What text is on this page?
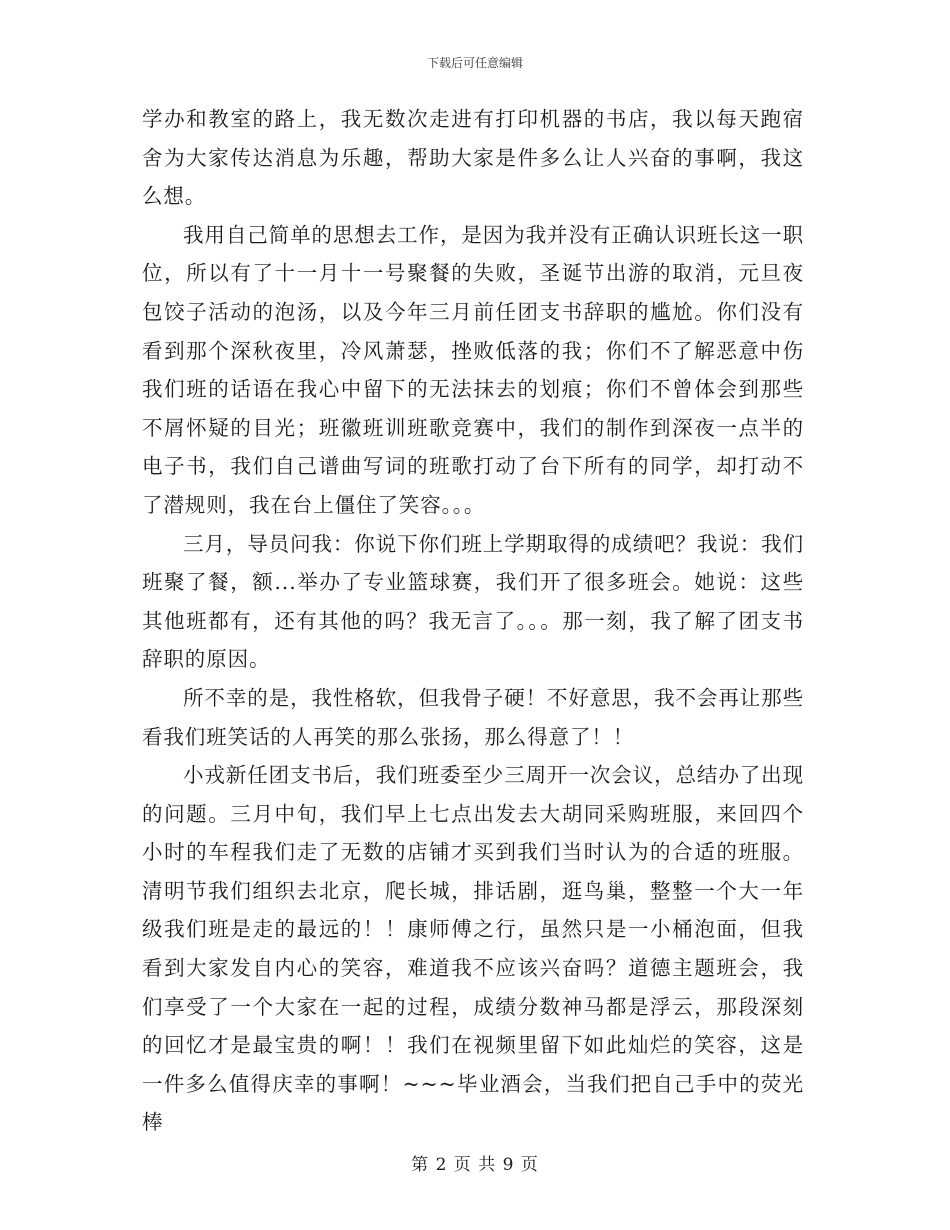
下载后可任意编辑

学办和教室的路上，我无数次走进有打印机器的书店，我以每天跑宿舍为大家传达消息为乐趣，帮助大家是件多么让人兴奋的事啊，我这么想。

我用自己简单的思想去工作，是因为我并没有正确认识班长这一职位，所以有了十一月十一号聚餐的失败，圣诞节出游的取消，元旦夜包饺子活动的泡汤，以及今年三月前任团支书辞职的尴尬。你们没有看到那个深秋夜里，冷风萧瑟，挫败低落的我；你们不了解恶意中伤我们班的话语在我心中留下的无法抹去的划痕；你们不曾体会到那些不屑怀疑的目光；班徽班训班歌竞赛中，我们的制作到深夜一点半的电子书，我们自己谱曲写词的班歌打动了台下所有的同学，却打动不了潜规则，我在台上僵住了笑容。。。

三月，导员问我：你说下你们班上学期取得的成绩吧？我说：我们班聚了餐，额...举办了专业篮球赛，我们开了很多班会。她说：这些其他班都有，还有其他的吗？我无言了。。。那一刻，我了解了团支书辞职的原因。

所不幸的是，我性格软，但我骨子硬！不好意思，我不会再让那些看我们班笑话的人再笑的那么张扬，那么得意了！！

小戎新任团支书后，我们班委至少三周开一次会议，总结办了出现的问题。三月中旬，我们早上七点出发去大胡同采购班服，来回四个小时的车程我们走了无数的店铺才买到我们当时认为的合适的班服。清明节我们组织去北京，爬长城，排话剧，逛鸟巢，整整一个大一年级我们班是走的最远的！！康师傅之行，虽然只是一小桶泡面，但我看到大家发自内心的笑容，难道我不应该兴奋吗？道德主题班会，我们享受了一个大家在一起的过程，成绩分数神马都是浮云，那段深刻的回忆才是最宝贵的啊！！我们在视频里留下如此灿烂的笑容，这是一件多么值得庆幸的事啊！~~~毕业酒会，当我们把自己手中的荧光棒

第 2 页 共 9 页
